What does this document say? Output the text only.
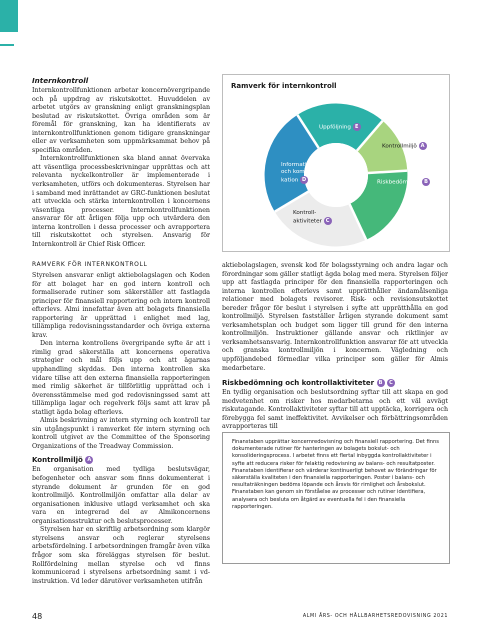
Internkontroll

Internkontrollfunktionen arbetar koncernövergripande och på uppdrag av riskutskottet. Huvuddelen av arbetet utgörs av granskning enligt granskningsplan beslutad av riskutskottet. Övriga områden som är föremål för granskning, kan ha identifierats av internkontrollfunktionen genom tidigare granskningar eller av verksamheten som uppmärksammat behov på specifika områden.

Internkontrollfunktionen ska bland annat övervaka att väsentliga processbeskrivningar upprättas och att relevanta nyckelkontroller är implementerade i verksamheten, utförs och dokumenteras. Styrelsen har i samband med inrättandet av GRC-funktionen beslutat att utveckla och stärka internkontrollen i koncernens väsentliga processer. Internkontrollfunktionen ansvarar för att årligen följa upp och utvärdera den interna kontrollen i dessa processer och avrapportera till riskutskottet och styrelsen. Ansvarig för Internkontroll är Chief Risk Officer.

Ramverk för internkontroll
Uppföljning E
Kontrollmiljö A
Riskbedömning B
Kontroll-
aktiviteter C
Information
och kommuni-
kation D
RAMVERK FÖR INTERNKONTROLL

Styrelsen ansvarar enligt aktiebolagslagen och Koden för att bolaget har en god intern kontroll och formaliserade rutiner som säkerställer att fastlagda principer för finansiell rapportering och intern kontroll efterlevs. Almi innefattar även att bolagets finansiella rapportering är upprättad i enlighet med lag, tillämpliga redovisningsstandarder och övriga externa krav.

Den interna kontrollens övergripande syfte är att i rimlig grad säkerställa att koncernens operativa strategier och mål följs upp och att ägarnas upphandling skyddas. Den interna kontrollen ska vidare tillse att den externa finansiella rapporteringen med rimlig säkerhet är tillförlitlig upprättad och i överensstämmelse med god redovisningssed samt att tillämpliga lagar och regelverk följs samt att krav på statligt ägda bolag efterlevs.

Almis beskrivning av intern styrning och kontroll tar sin utgångspunkt i ramverket för intern styrning och kontroll utgivet av the Committee of the Sponsoring Organizations of the Treadway Commission.

Kontrollmiljö A

En organisation med tydliga beslutsvägar, befogenheter och ansvar som finns dokumenterat i styrande dokument är grunden för en god kontrollmiljö. Kontrollmiljön omfattar alla delar av organisationen inklusive utlagd verksamhet och ska vara en integrerad del av Almikoncernens organisationsstruktur och beslutsprocesser.

Styrelsen har en skriftlig arbetsordning som klargör styrelsens ansvar och reglerar styrelsens arbetsfördelning. I arbetsordningen framgår även vilka frågor som ska föreläggas styrelsen för beslut. Rollfördelning mellan styrelse och vd finns kommunicerad i styrelsens arbetsordning samt i vd-instruktion. Vd leder därutöver verksamheten utifrån

aktiebolagslagen, svensk kod för bolagsstyrning och andra lagar och förordningar som gäller statligt ägda bolag med mera. Styrelsen följer upp att fastlagda principer för den finansiella rapporteringen och interna kontrollen efterlevs samt upprätthåller ändamålsenliga relationer med bolagets revisorer. Risk- och revisionsutskottet bereder frågor för beslut i styrelsen i syfte att upprätthålla en god kontrollmiljö. Styrelsen fastställer årligen styrande dokument samt verksamhetsplan och budget som ligger till grund för den interna kontrollmiljön. Instruktioner gällande ansvar och riktlinjer av verksamhetsansvarig. Internkontrollfunktion ansvarar för att utveckla och granska kontrollmiljön i koncernen. Vägledning och uppföljandebed förmedlar vilka principer som gäller för Almis medarbetare.

Riskbedömning och kontrollaktiviteter B C

En tydlig organisation och beslutsordning syftar till att skapa en god medvetenhet om risker hos medarbetarna och ett väl avvägt riskutagande. Kontrollaktiviteter syftar till att upptäcka, korrigera och förebygga fel samt ineffektivitet. Avvikelser och förbättringsområden avrapporteras till

Finanstaben upprättar koncernredovisning och finansiell rapportering. Det finns dokumenterade rutiner för hanteringen av bolagets bokslut- och konsolideringsprocess. I arbetet finns ett flertal inbyggda kontrollaktiviteter i syfte att reducera risker för felaktig redovisning av balans- och resultatposter. Finanstaben identifierar och värderar kontinuerligt behovet av förändringar för säkerställa kvaliteten i den finansiella rapporteringen. Poster i balans- och resultaträkningen bedöms löpande och årsvis för rimlighet och årsbokslut. Finanstaben kan genom sin förståelse av processer och rutiner identifiera, analysera och besluta om åtgärd av eventuella fel i den finansiella rapporteringen.

48	ALMI ÅRS- OCH HÅLLBARHETSREDOVISNING 2021
